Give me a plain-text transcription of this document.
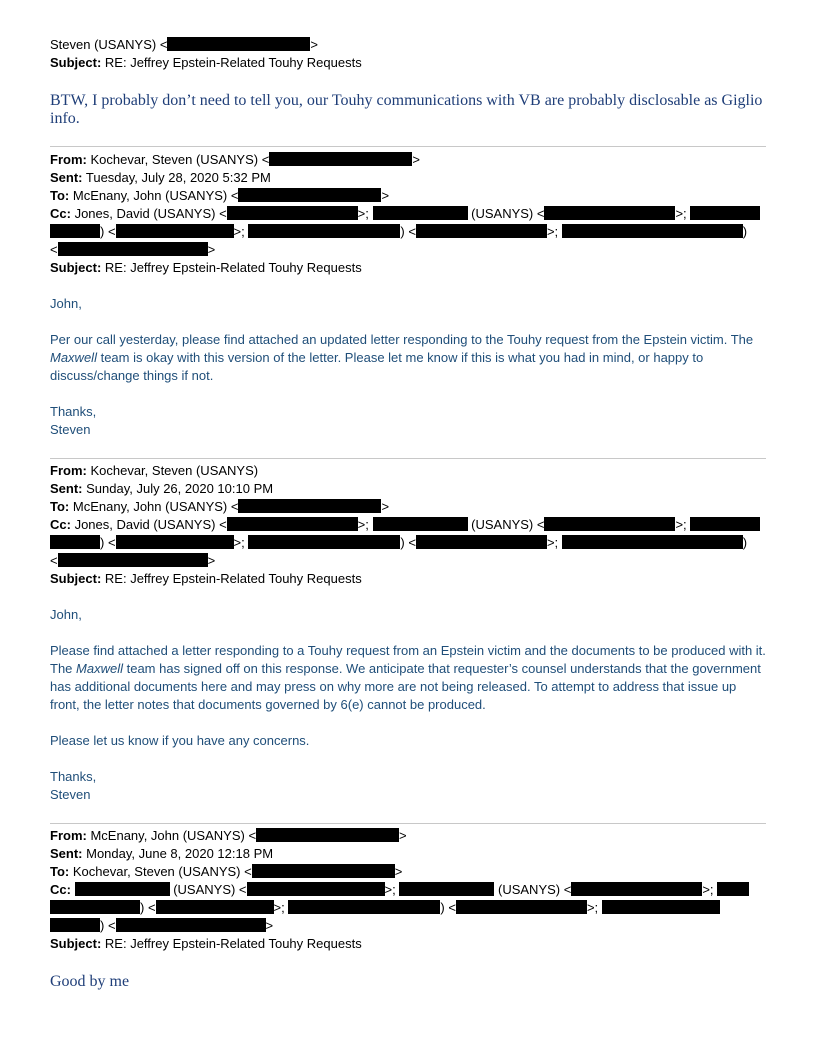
Steven (USANYS) <	>
Subject: RE: Jeffrey Epstein-Related Touhy Requests

BTW, I probably don’t need to tell you, our Touhy communications with VB are probably disclosable as Giglio info.

From: Kochevar, Steven (USANYS) <	>
Sent: Tuesday, July 28, 2020 5:32 PM
To: McEnany, John (USANYS) <	>
Cc: Jones, David (USANYS) <	>;	(USANYS) <	>;
) <	>;	) <	>;	)
<	>
Subject: RE: Jeffrey Epstein-Related Touhy Requests

John,

Per our call yesterday, please find attached an updated letter responding to the Touhy request from the Epstein victim. The Maxwell team is okay with this version of the letter. Please let me know if this is what you had in mind, or happy to discuss/change things if not.

Thanks,

Steven

From: Kochevar, Steven (USANYS)
Sent: Sunday, July 26, 2020 10:10 PM
To: McEnany, John (USANYS) <	>
Cc: Jones, David (USANYS) <	>;	(USANYS) <	>;
) <	>;	) <	>;	)
<	>
Subject: RE: Jeffrey Epstein-Related Touhy Requests

John,

Please find attached a letter responding to a Touhy request from an Epstein victim and the documents to be produced with it. The Maxwell team has signed off on this response. We anticipate that requester’s counsel understands that the government has additional documents here and may press on why more are not being released. To attempt to address that issue up front, the letter notes that documents governed by 6(e) cannot be produced.

Please let us know if you have any concerns.

Thanks,

Steven

From: McEnany, John (USANYS) <	>
Sent: Monday, June 8, 2020 12:18 PM
To: Kochevar, Steven (USANYS) <	>
Cc:	(USANYS) <	>;	(USANYS) <	>;
) <	>;	) <	>;
) <	>
Subject: RE: Jeffrey Epstein-Related Touhy Requests

Good by me
